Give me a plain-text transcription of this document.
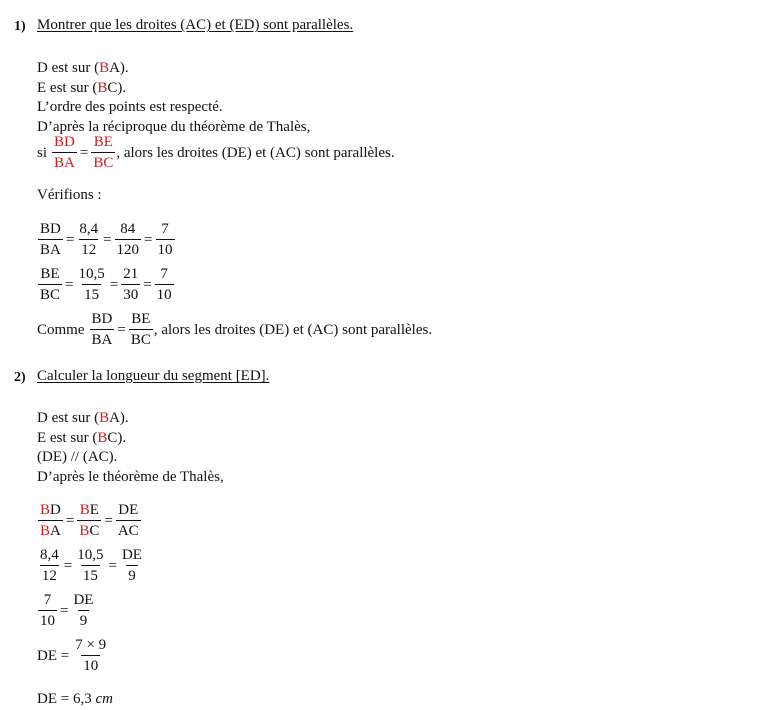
1) Montrer que les droites (AC) et (ED) sont parallèles.
D est sur (BA).
E est sur (BC).
L’ordre des points est respecté.
D’après la réciproque du théorème de Thalès,
si $\frac{BD}{BA} = \frac{BE}{BC}$ , alors les droites (DE) et (AC) sont parallèles.
Vérifions :
$\frac{BD}{BA} = \frac{8,4}{12} = \frac{84}{120} = \frac{7}{10}$
$\frac{BE}{BC} = \frac{10,5}{15} = \frac{21}{30} = \frac{7}{10}$
Comme $\frac{BD}{BA} = \frac{BE}{BC}$ , alors les droites (DE) et (AC) sont parallèles.
2) Calculer la longueur du segment [ED].
D est sur (BA).
E est sur (BC).
(DE) // (AC).
D’après le théorème de Thalès,
$\frac{BD}{BA} = \frac{BE}{BC} = \frac{DE}{AC}$
$\frac{8,4}{12} = \frac{10,5}{15} = \frac{DE}{9}$
$\frac{7}{10} = \frac{DE}{9}$
DE = $\frac{7 \times 9}{10}$
DE = 6,3 cm
